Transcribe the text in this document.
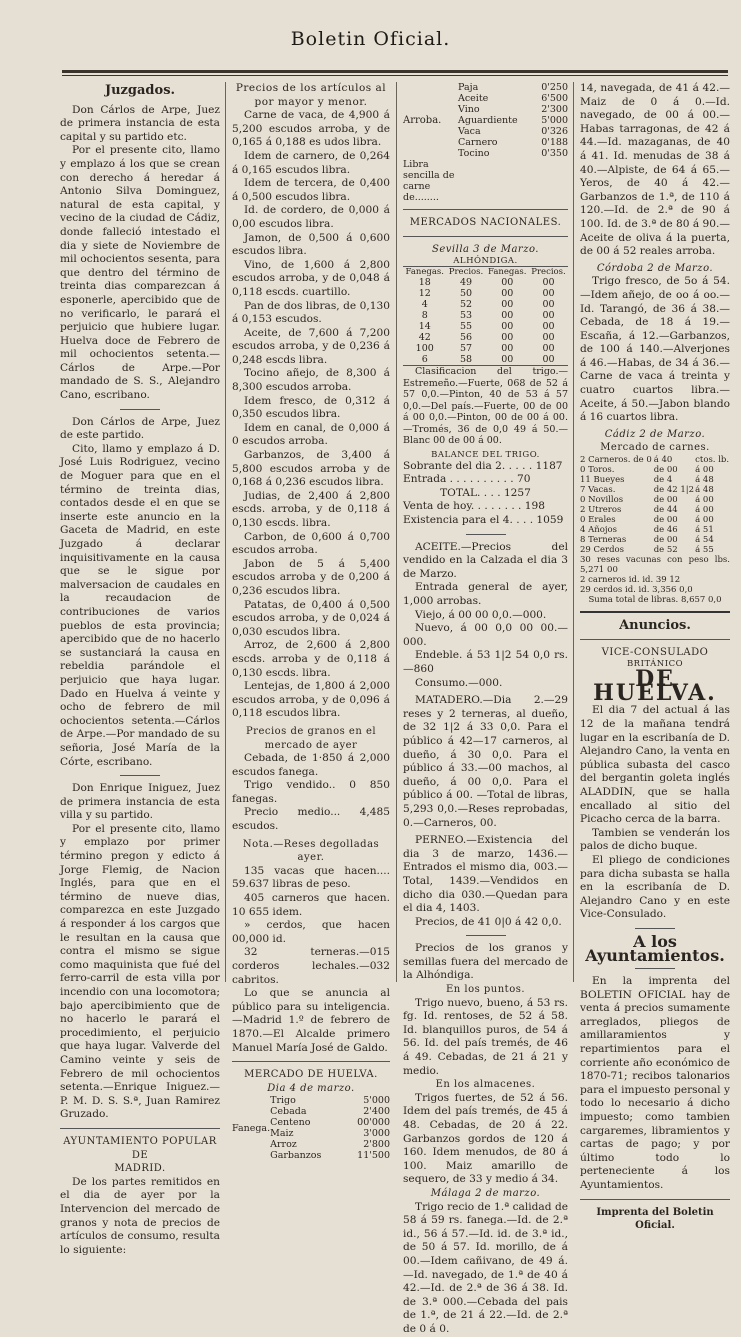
Boletin Oficial.
Juzgados.

Don Cárlos de Arpe, Juez de primera instancia de esta capital y su partido etc.

Por el presente cito, llamo y emplazo á los que se crean con derecho á heredar á Antonio Silva Dominguez, natural de esta capital, y vecino de la ciudad de Cádiz, donde falleció intestado el dia y siete de Noviembre de mil ochocientos sesenta, para que dentro del término de treinta dias comparezcan á esponerle, apercibido que de no verificarlo, le parará el perjuicio que hubiere lugar. Huelva doce de Febrero de mil ochocientos setenta.—Cárlos de Arpe.—Por mandado de S. S., Alejandro Cano, escribano.

Don Cárlos de Arpe, Juez de este partido.

Cito, llamo y emplazo á D. José Luis Rodriguez, vecino de Moguer para que en el término de treinta dias, contados desde el en que se inserte este anuncio en la Gaceta de Madrid, en este Juzgado á declarar inquisitivamente en la causa que se le sigue por malversacion de caudales en la recaudacion de contribuciones de varios pueblos de esta provincia; apercibido que de no hacerlo se sustanciará la causa en rebeldia parándole el perjuicio que haya lugar. Dado en Huelva á veinte y ocho de febrero de mil ochocientos setenta.—Cárlos de Arpe.—Por mandado de su señoria, José María de la Córte, escribano.

Don Enrique Iniguez, Juez de primera instancia de esta villa y su partido.

Por el presente cito, llamo y emplazo por primer término pregon y edicto á Jorge Flemig, de Nacion Inglés, para que en el término de nueve dias, comparezca en este Juzgado á responder á los cargos que le resultan en la causa que contra el mismo se sigue como maquinista que fué del ferro-carril de esta villa por incendio con una locomotora; bajo apercibimiento que de no hacerlo le parará el procedimiento, el perjuicio que haya lugar. Valverde del Camino veinte y seis de Febrero de mil ochocientos setenta.—Enrique Iniguez.—P. M. D. S. S.ª, Juan Ramirez Gruzado.

AYUNTAMIENTO POPULAR DE
MADRID.

De los partes remitidos en el dia de ayer por la Intervencion del mercado de granos y nota de precios de artículos de consumo, resulta lo siguiente:

Precios de los artículos al por mayor y menor.

Carne de vaca, de 4,900 á 5,200 escudos arroba, y de 0,165 á 0,188 es udos libra.

Idem de carnero, de 0,264 á 0,165 escudos libra.

Idem de tercera, de 0,400 á 0,500 escudos libra.

Id. de cordero, de 0,000 á 0,00 escudos libra.

Jamon, de 0,500 á 0,600 escudos libra.

Vino, de 1,600 á 2,800 escudos arroba, y de 0,048 á 0,118 escds. cuartillo.

Pan de dos libras, de 0,130 á 0,153 escudos.

Aceite, de 7,600 á 7,200 escudos arroba, y de 0,236 á 0,248 escds libra.

Tocino añejo, de 8,300 á 8,300 escudos arroba.

Idem fresco, de 0,312 á 0,350 escudos libra.

Idem en canal, de 0,000 á 0 escudos arroba.

Garbanzos, de 3,400 á 5,800 escudos arroba y de 0,168 á 0,236 escudos libra.

Judias, de 2,400 á 2,800 escds. arroba, y de 0,118 á 0,130 escds. libra.

Carbon, de 0,600 á 0,700 escudos arroba.

Jabon de 5 á 5,400 escudos arroba y de 0,200 á 0,236 escudos libra.

Patatas, de 0,400 á 0,500 escudos arroba, y de 0,024 á 0,030 escudos libra.

Arroz, de 2,600 á 2,800 escds. arroba y de 0,118 á 0,130 escds. libra.

Lentejas, de 1,800 á 2,000 escudos arroba, y de 0,096 á 0,118 escudos libra.

Precios de granos en el mercado de ayer

Cebada, de 1·850 á 2,000 escudos fanega.

Trigo vendido.. 0 850 fanegas.

Precio medio... 4,485 escudos.

Nota.—Reses degolladas ayer.

135 vacas que hacen.... 59.637 libras de peso.

405 carneros que hacen. 10 655 idem.

» cerdos, que hacen 00,000 id.

32 terneras.—015 corderos lechales.—032 cabritos.

Lo que se anuncia al público para su inteligencia.—Madrid 1.º de febrero de 1870.—El Alcalde primero Manuel María José de Galdo.

MERCADO DE HUELVA.
Dia 4 de marzo.
Fanega.	
Trigo	5'000
Cebada	2'400
Centeno	00'000
Maiz	3'000
Arroz	2'800
Garbanzos	11'500
Arroba.	
Paja	0'250
Aceite	6'500
Vino	2'300
Aguardiente 5'000
Vaca	0'326
Carnero	0'188
Tocino	0'350
Libra sencilla de carne de........
MERCADOS NACIONALES.
Sevilla 3 de Marzo.
ALHÓNDIGA.
Fanegas.	Precios.	Fanegas.	Precios.
18	49	00	00
12	50	00	00
4	52	00	00
8	53	00	00
14	55	00	00
42	56	00	00
100	57	00	00
6	58	00	00

Clasificacion del trigo.—Estremeño.—Fuerte, 068 de 52 á 57 0,0.—Pinton, 40 de 53 á 57 0,0.—Del país.—Fuerte, 00 de 00 á 00 0,0.—Pinton, 00 de 00 á 00.—Tromés, 36 de 0,0 49 á 50.—Blanc 00 de 00 á 00.

BALANCE DEL TRIGO.

Sobrante del dia 2. . . . . 1187

Entrada . . . . . . . . . . 70

TOTAL. . . . 1257

Venta de hoy. . . . . . . . 198

Existencia para el 4. . . . 1059

ACEITE.—Precios del vendido en la Calzada el dia 3 de Marzo.

Entrada general de ayer, 1,000 arrobas.

Viejo, á 00 00 0,0.—000.

Nuevo, á 00 0,0 00 00.—000.

Endeble. á 53 1|2 54 0,0 rs.—860

Consumo.—000.

MATADERO.—Dia 2.—29 reses y 2 terneras, al dueño, de 32 1|2 á 33 0,0. Para el público á 42—17 carneros, al dueño, á 30 0,0. Para el público á 33.—00 machos, al dueño, á 00 0,0. Para el público á 00. —Total de libras, 5,293 0,0.—Reses reprobadas, 0.—Carneros, 00.

PERNEO.—Existencia del dia 3 de marzo, 1436.—Entrados el mismo dia, 003.—Total, 1439.—Vendidos en dicho dia 030.—Quedan para el dia 4, 1403.

Precios, de 41 0|0 á 42 0,0.

Precios de los granos y semillas fuera del mercado de la Alhóndiga.

En los puntos.

Trigo nuevo, bueno, á 53 rs. fg. Id. rentoses, de 52 á 58. Id. blanquillos puros, de 54 á 56. Id. del país tremés, de 46 á 49. Cebadas, de 21 á 21 y medio.

En los almacenes.

Trigos fuertes, de 52 á 56. Idem del país tremés, de 45 á 48. Cebadas, de 20 á 22. Garbanzos gordos de 120 á 160. Idem menudos, de 80 á 100. Maiz amarillo de sequero, de 33 y medio á 34.

Málaga 2 de marzo.

Trigo recio de 1.ª calidad de 58 á 59 rs. fanega.—Id. de 2.ª id., 56 á 57.—Id. id. de 3.ª id., de 50 á 57. Id. morillo, de á 00.—Idem cañivano, de 49 á.—Id. navegado, de 1.ª de 40 á 42.—Id. de 2.ª de 36 á 38. Id. de 3.ª 000.—Cebada del pais de 1.ª, de 21 á 22.—Id. de 2.ª de 0 á 0.

14, navegada, de 41 á 42.—Maiz de 0 á 0.—Id. navegado, de 00 á 00.—Habas tarragonas, de 42 á 44.—Id. mazaganas, de 40 á 41. Id. menudas de 38 á 40.—Alpiste, de 64 á 65.—Yeros, de 40 á 42.—Garbanzos de 1.ª, de 110 á 120.—Id. de 2.ª de 90 á 100. Id. de 3.ª de 80 á 90.—Aceite de oliva á la puerta, de 00 á 52 reales arroba.

Córdoba 2 de Marzo.

Trigo fresco, de 5o á 54.—Idem añejo, de oo á oo.—Id. Tarangó, de 36 á 38.—Cebada, de 18 á 19.—Escaña, á 12.—Garbanzos, de 100 á 140.—Alverjones á 46.—Habas, de 34 á 36.—Carne de vaca á treinta y cuatro cuartos libra.—Aceite, á 50.—Jabon blando á 16 cuartos libra.

Cádiz 2 de Marzo.
Mercado de carnes.
2 Carneros. de 0	á 40	ctos. lb.
0 Toros.	de 00	á 00
11 Bueyes	de 4	á 48
7 Vacas.	de 42 1|2	á 48
0 Novillos	de 00	á 00
2 Utreros	de 44	á 00
0 Erales	de 00	á 00
4 Añojos	de 46	á 51
8 Terneras	de 00	á 54
29 Cerdos	de 52	á 55

30 reses vacunas con peso lbs. 5,271 00

2 carneros id. id. 39 12

29 cerdos id. id. 3,356 0,0

Suma total de libras. 8,657 0,0

Anuncios.
VICE-CONSULADO
BRITÁNICO
DE HUELVA.

El dia 7 del actual á las 12 de la mañana tendrá lugar en la escribanía de D. Alejandro Cano, la venta en pública subasta del casco del bergantin goleta inglés ALADDIN, que se halla encallado al sitio del Picacho cerca de la barra.

Tambien se venderán los palos de dicho buque.

El pliego de condiciones para dicha subasta se halla en la escribanía de D. Alejandro Cano y en este Vice-Consulado.

A los Ayuntamientos.

En la imprenta del BOLETIN OFICIAL hay de venta á precios sumamente arreglados, pliegos de amillaramientos y repartimientos para el corriente año económico de 1870-71; recibos talonarios para el impuesto personal y todo lo necesario á dicho impuesto; como tambien cargaremes, libramientos y cartas de pago; y por último todo lo perteneciente á los Ayuntamientos.

Imprenta del Boletin Oficial.
